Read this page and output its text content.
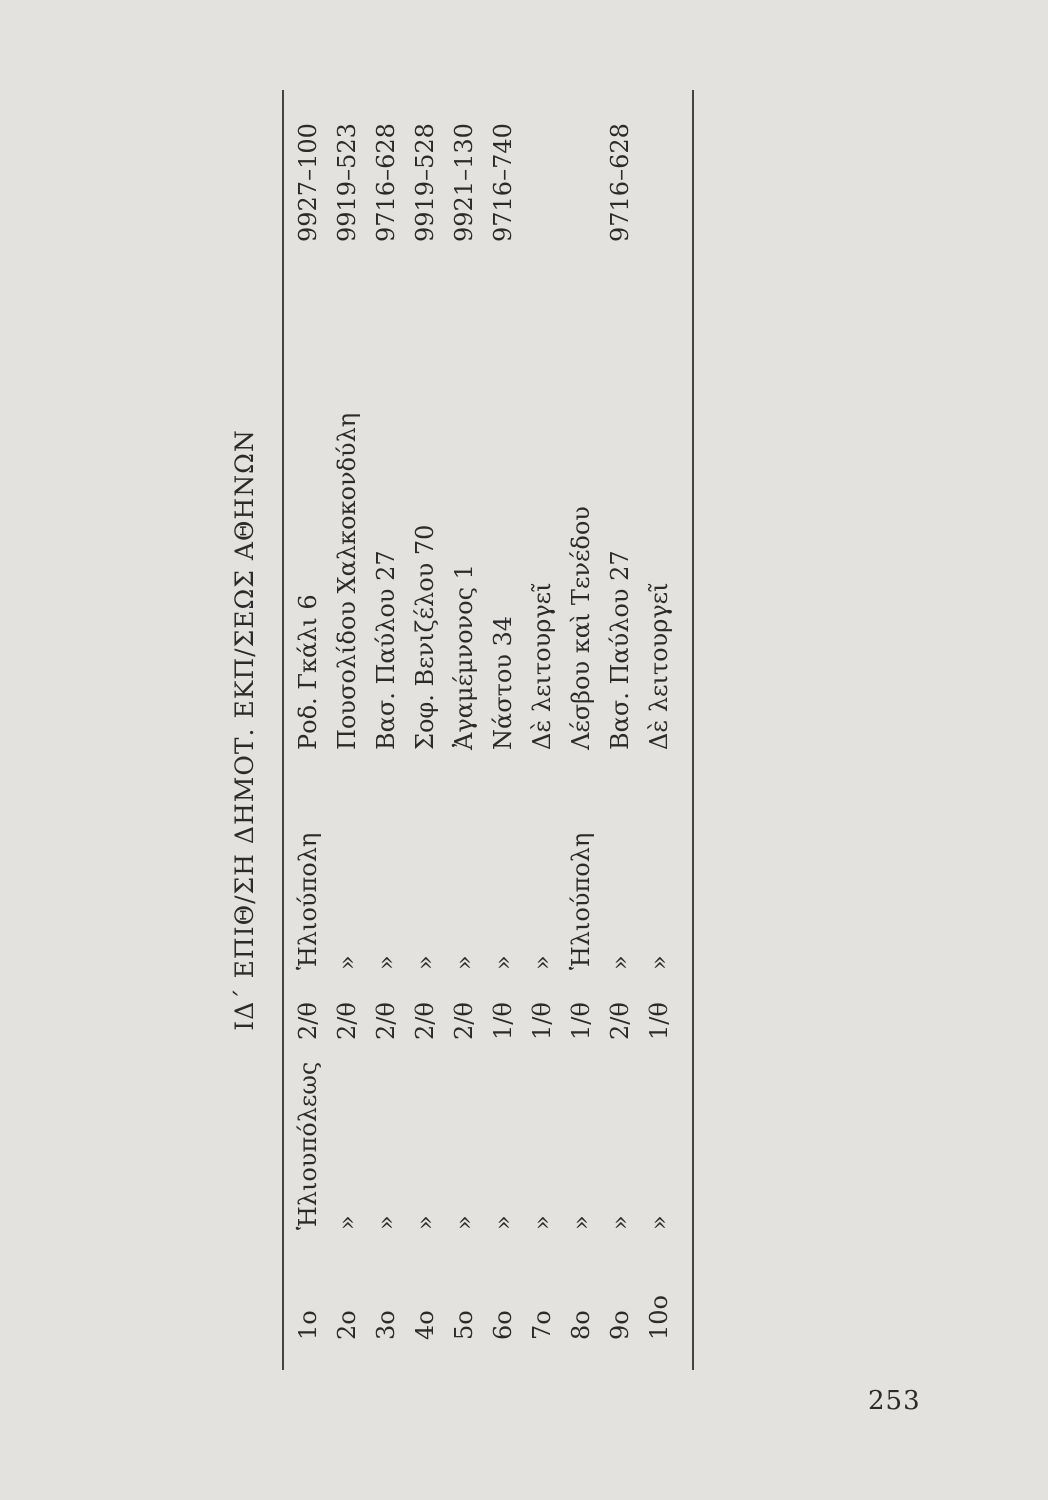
ΙΔ΄ ΕΠΙΘ/ΣΗ ΔΗΜΟΤ. ΕΚΠ/ΣΕΩΣ ΑΘΗΝΩΝ
1ο
Ἡλιουπόλεως
2/θ
Ἡλιούπολη
Ροδ. Γκάλι 6
9927–100
2ο
»
2/θ
»
Πουσολίδου Χαλκοκονδύλη
9919–523
3ο
»
2/θ
»
Βασ. Παύλου 27
9716–628
4ο
»
2/θ
»
Σοφ. Βενιζέλου 70
9919–528
5ο
»
2/θ
»
Ἀγαμέμνονος 1
9921–130
6ο
»
1/θ
»
Νάστου 34
9716–740
7ο
»
1/θ
»
Δὲ λειτουργεῖ
8ο
»
1/θ
Ἡλιούπολη
Λέσβου καὶ Τενέδου
9ο
»
2/θ
»
Βασ. Παύλου 27
9716–628
10ο
»
1/θ
»
Δὲ λειτουργεῖ
253
